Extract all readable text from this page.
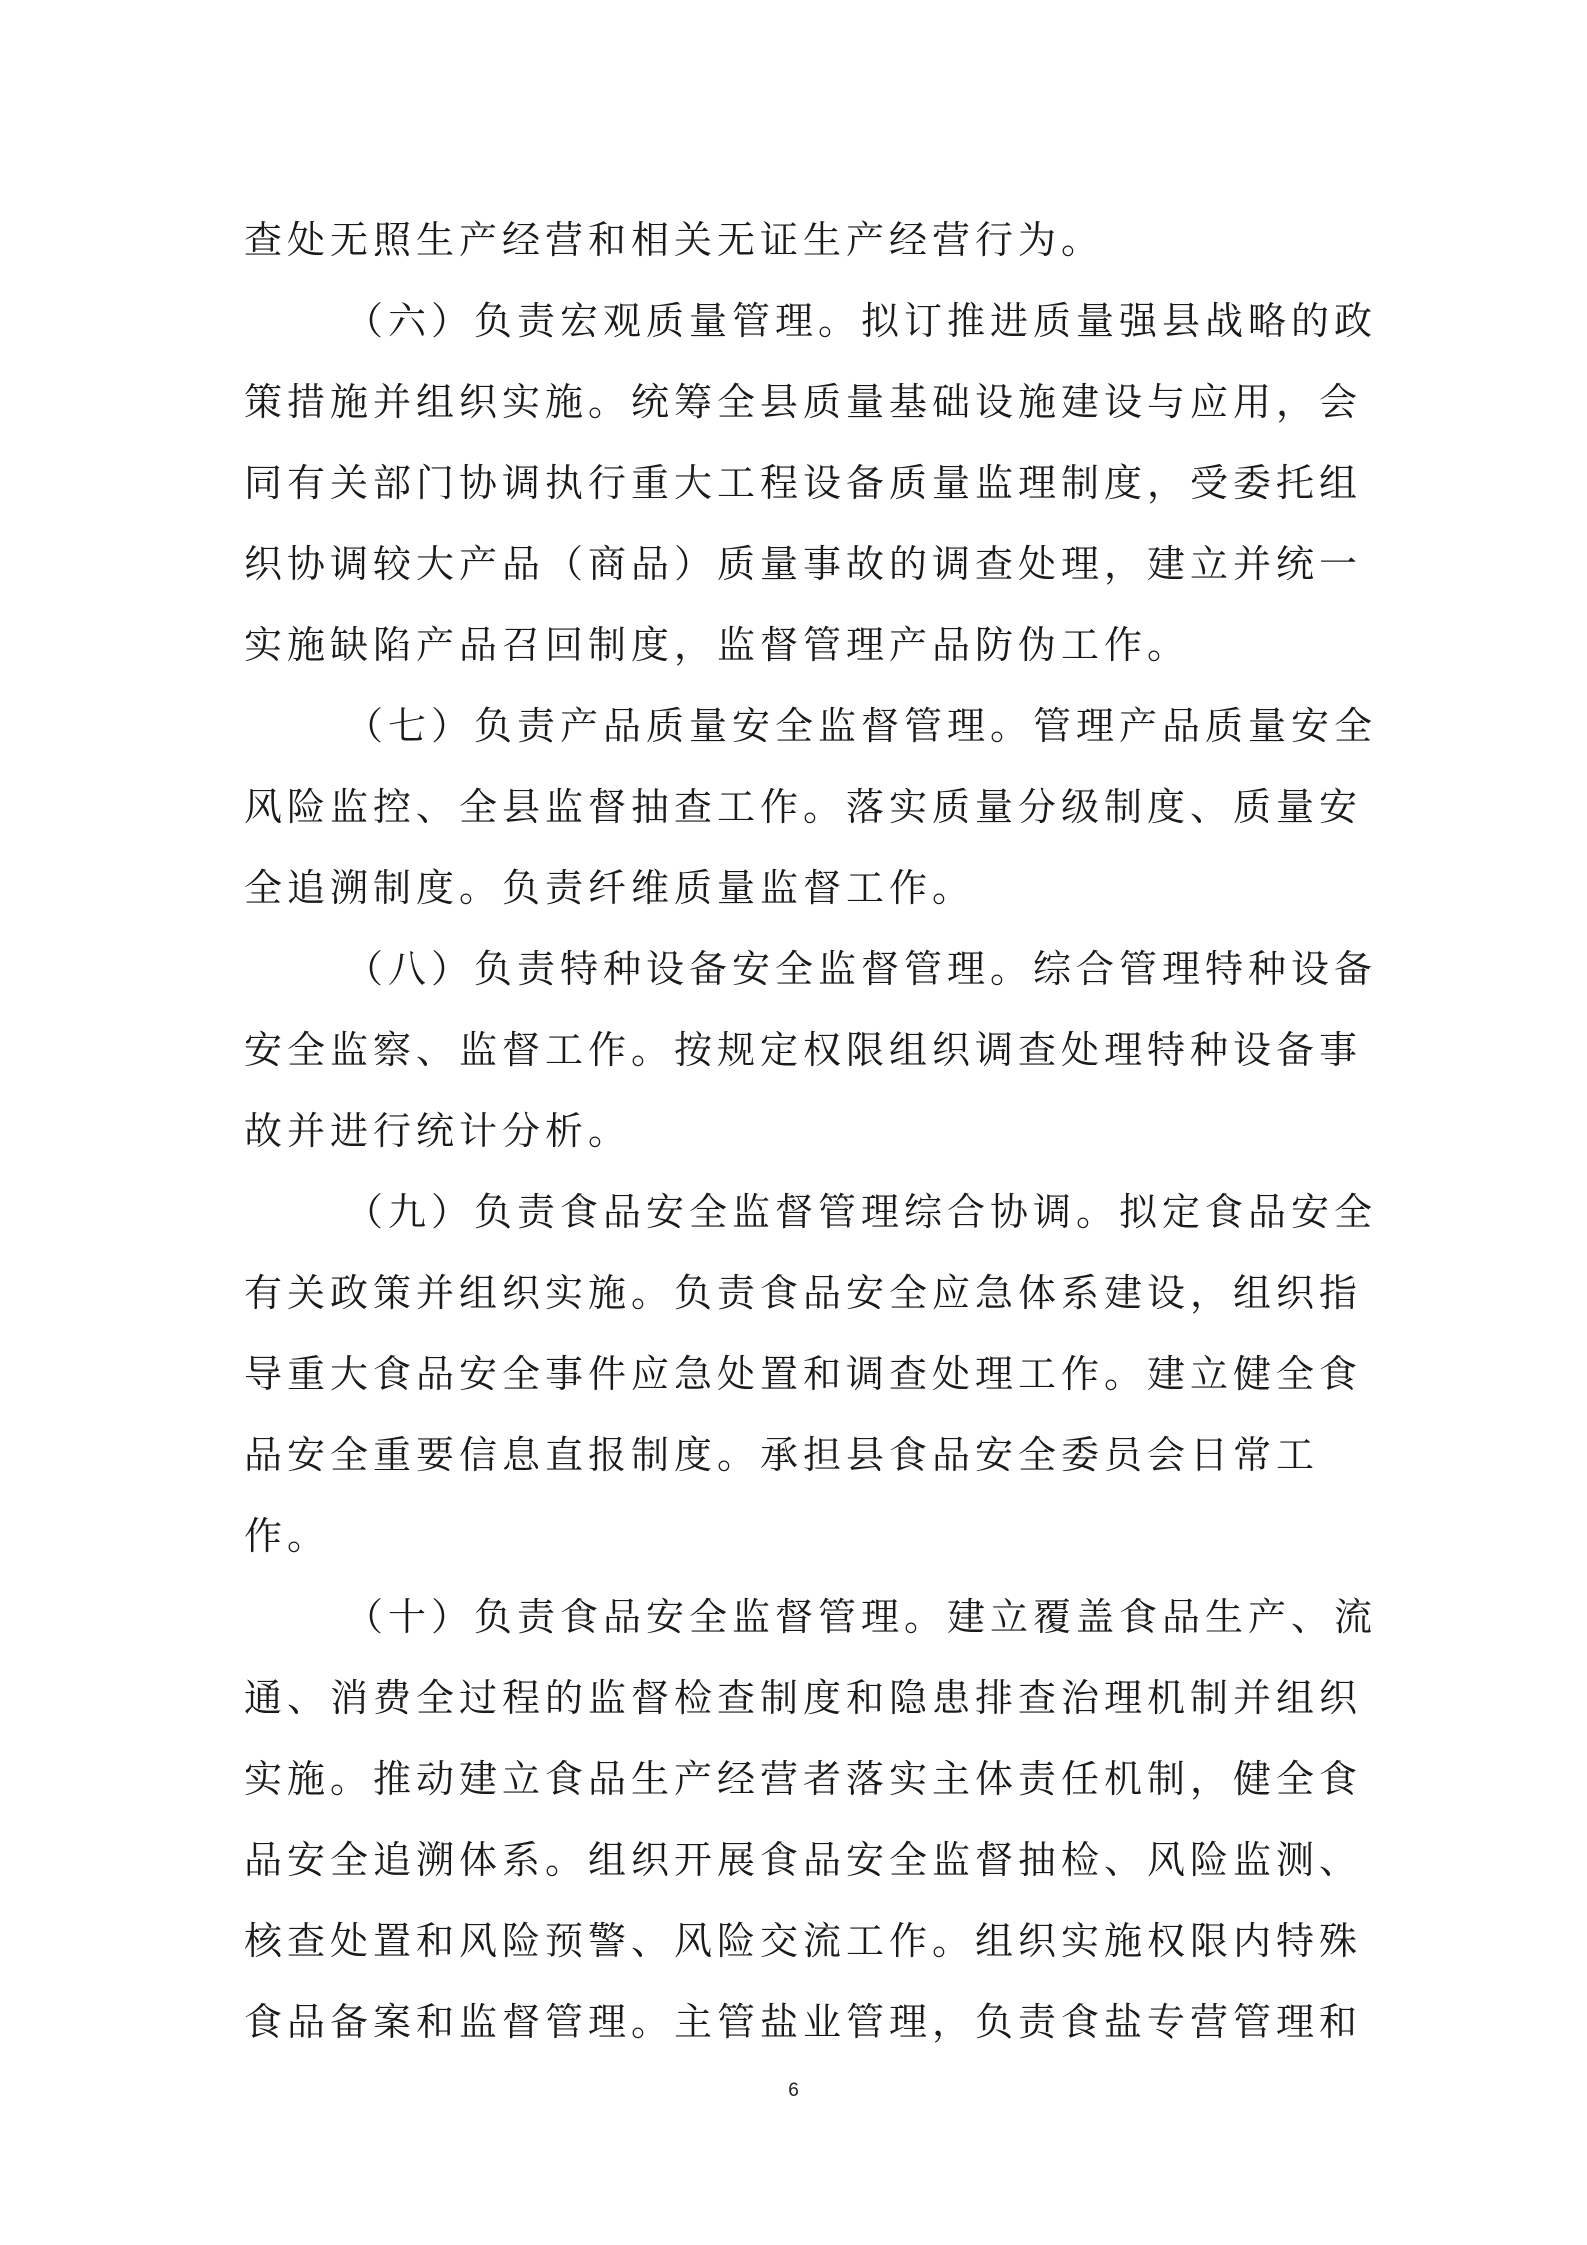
查处无照生产经营和相关无证生产经营行为。
（六）负责宏观质量管理。拟订推进质量强县战略的政
策措施并组织实施。统筹全县质量基础设施建设与应用，会
同有关部门协调执行重大工程设备质量监理制度，受委托组
织协调较大产品（商品）质量事故的调查处理，建立并统一
实施缺陷产品召回制度，监督管理产品防伪工作。
（七）负责产品质量安全监督管理。管理产品质量安全
风险监控、全县监督抽查工作。落实质量分级制度、质量安
全追溯制度。负责纤维质量监督工作。
（八）负责特种设备安全监督管理。综合管理特种设备
安全监察、监督工作。按规定权限组织调查处理特种设备事
故并进行统计分析。
（九）负责食品安全监督管理综合协调。拟定食品安全
有关政策并组织实施。负责食品安全应急体系建设，组织指
导重大食品安全事件应急处置和调查处理工作。建立健全食
品安全重要信息直报制度。承担县食品安全委员会日常工
作。
（十）负责食品安全监督管理。建立覆盖食品生产、流
通、消费全过程的监督检查制度和隐患排查治理机制并组织
实施。推动建立食品生产经营者落实主体责任机制，健全食
品安全追溯体系。组织开展食品安全监督抽检、风险监测、
核查处置和风险预警、风险交流工作。组织实施权限内特殊
食品备案和监督管理。主管盐业管理，负责食盐专营管理和
6
